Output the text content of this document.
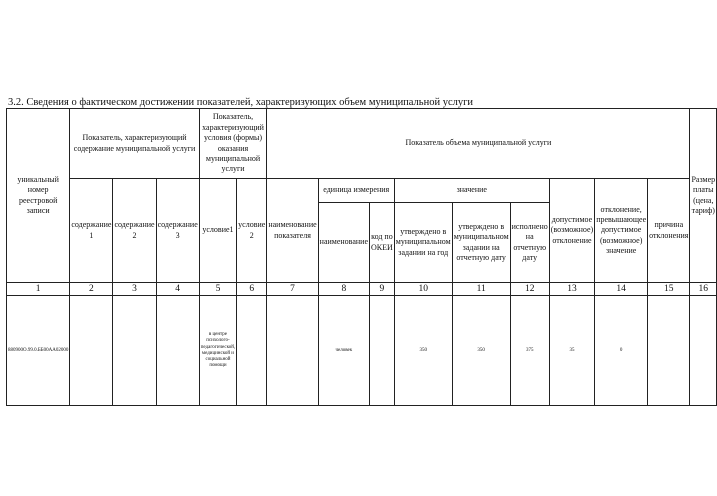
3.2. Сведения о фактическом достижении показателей, характеризующих объем муниципальной услуги
уникальный номер реестровой записи	Показатель, характеризующий содержание муниципальной услуги			Показатель, характеризующий условия (формы) оказания муниципальной услуги		Показатель объема муниципальной услуги									Размер платы (цена, тариф)
	содержание 1	содержание 2	содержание 3	условие1	условие 2	наименование показателя	единица измерения		значение			допустимое (возможное) отклонение	отклонение, превышающее допустимое (возможное) значение	причина отклонения	
							наименование	код по ОКЕИ	утверждено в муниципальном задании на год	утверждено в муниципальном задании на отчетную дату	исполнено на отчетную дату				
1	2	3	4	5	6	7	8	9	10	11	12	13	14	15	16
880900О.99.0.ББ00АА02000				в центре психолого-педагогической, медицинской и социальной помощи			человек		350	350	375	35	0		
